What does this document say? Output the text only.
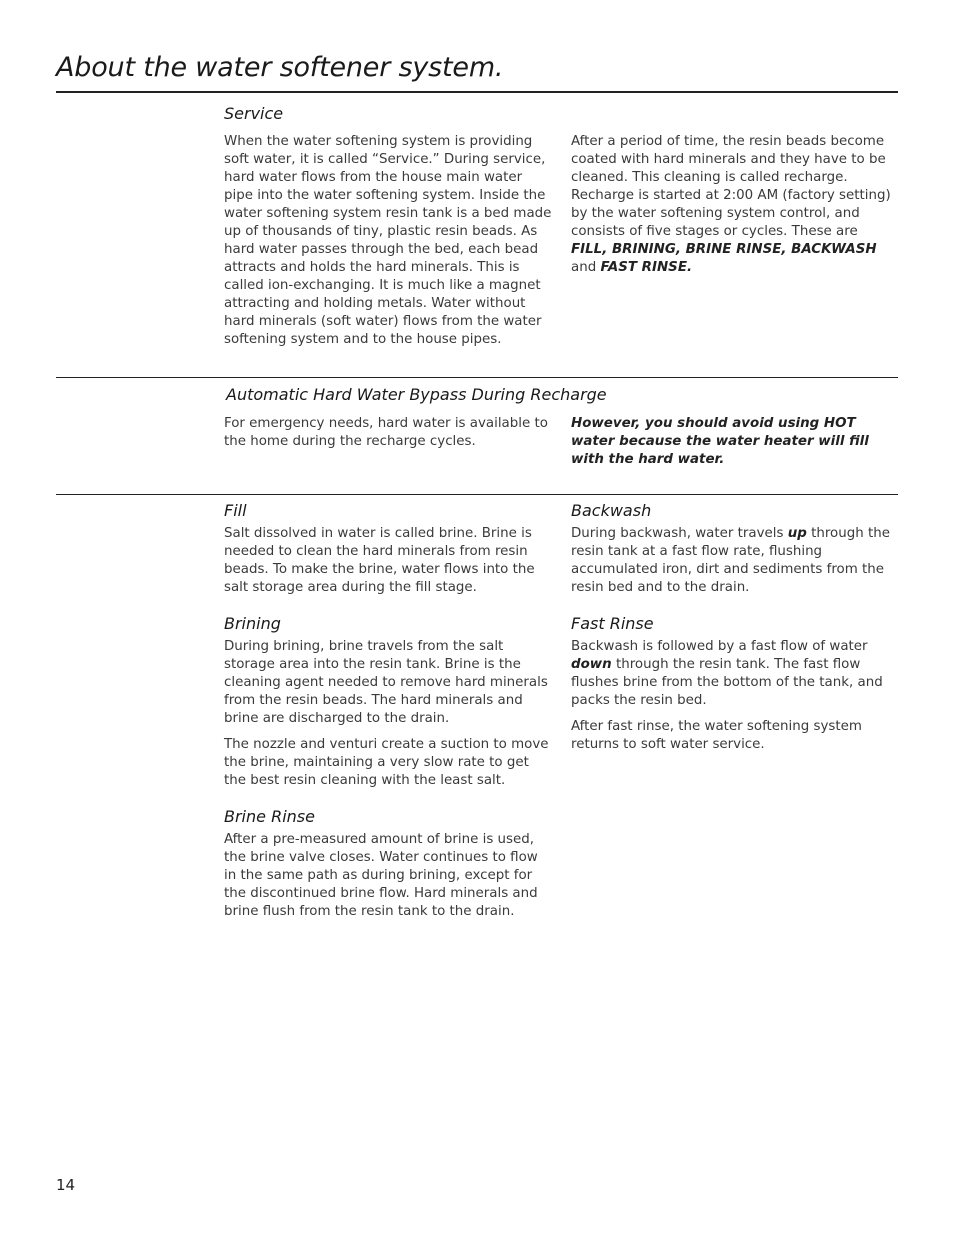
About the water softener system.
Service

When the water softening system is providing soft water, it is called “Service.” During service, hard water flows from the house main water pipe into the water softening system. Inside the water softening system resin tank is a bed made up of thousands of tiny, plastic resin beads. As hard water passes through the bed, each bead attracts and holds the hard minerals. This is called ion-exchanging. It is much like a magnet attracting and holding metals. Water without hard minerals (soft water) flows from the water softening system and to the house pipes.

After a period of time, the resin beads become coated with hard minerals and they have to be cleaned. This cleaning is called recharge. Recharge is started at 2:00 AM (factory setting) by the water softening system control, and consists of five stages or cycles. These are FILL, BRINING, BRINE RINSE, BACKWASH and FAST RINSE.

Automatic Hard Water Bypass During Recharge

For emergency needs, hard water is available to the home during the recharge cycles.

However, you should avoid using HOT water because the water heater will fill with the hard water.

Fill

Salt dissolved in water is called brine. Brine is needed to clean the hard minerals from resin beads. To make the brine, water flows into the salt storage area during the fill stage.

Brining

During brining, brine travels from the salt storage area into the resin tank. Brine is the cleaning agent needed to remove hard minerals from the resin beads. The hard minerals and brine are discharged to the drain.

The nozzle and venturi create a suction to move the brine, maintaining a very slow rate to get the best resin cleaning with the least salt.

Brine Rinse

After a pre-measured amount of brine is used, the brine valve closes. Water continues to flow in the same path as during brining, except for the discontinued brine flow. Hard minerals and brine flush from the resin tank to the drain.

Backwash

During backwash, water travels up through the resin tank at a fast flow rate, flushing accumulated iron, dirt and sediments from the resin bed and to the drain.

Fast Rinse

Backwash is followed by a fast flow of water down through the resin tank. The fast flow flushes brine from the bottom of the tank, and packs the resin bed.

After fast rinse, the water softening system returns to soft water service.

14
